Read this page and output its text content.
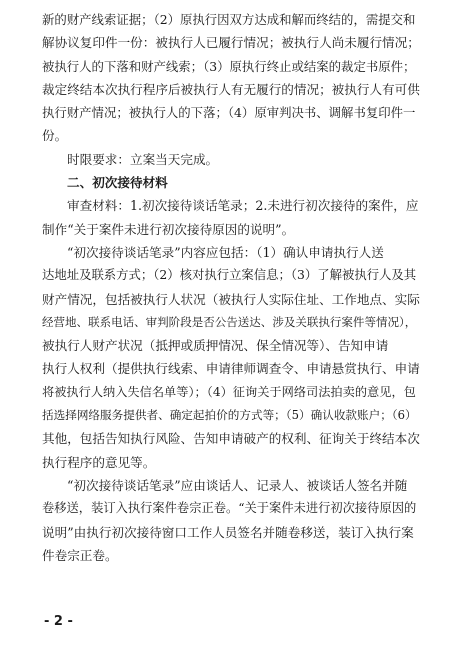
新的财产线索证据；（2）原执行因双方达成和解而终结的，需提交和
解协议复印件一份：被执行人已履行情况；被执行人尚未履行情况；
被执行人的下落和财产线索；（3）原执行终止或结案的裁定书原件；
裁定终结本次执行程序后被执行人有无履行的情况；被执行人有可供
执行财产情况；被执行人的下落；（4）原审判决书、调解书复印件一
份。
时限要求：立案当天完成。
二、初次接待材料
审查材料：1.初次接待谈话笔录；2.未进行初次接待的案件，应
制作“关于案件未进行初次接待原因的说明”。
“初次接待谈话笔录”内容应包括：（1）确认申请执行人送
达地址及联系方式；（2）核对执行立案信息；（3）了解被执行人及其
财产情况，包括被执行人状况（被执行人实际住址、工作地点、实际
经营地、联系电话、审判阶段是否公告送达、涉及关联执行案件等情况），
被执行人财产状况（抵押或质押情况、保全情况等）、告知申请
执行人权利（提供执行线索、申请律师调查令、申请悬赏执行、申请
将被执行人纳入失信名单等）；（4）征询关于网络司法拍卖的意见，包
括选择网络服务提供者、确定起拍价的方式等；（5）确认收款账户；（6）
其他，包括告知执行风险、告知申请破产的权利、征询关于终结本次
执行程序的意见等。
“初次接待谈话笔录”应由谈话人、记录人、被谈话人签名并随
卷移送，装订入执行案件卷宗正卷。“关于案件未进行初次接待原因的
说明”由执行初次接待窗口工作人员签名并随卷移送，装订入执行案
件卷宗正卷。
- 2 -
